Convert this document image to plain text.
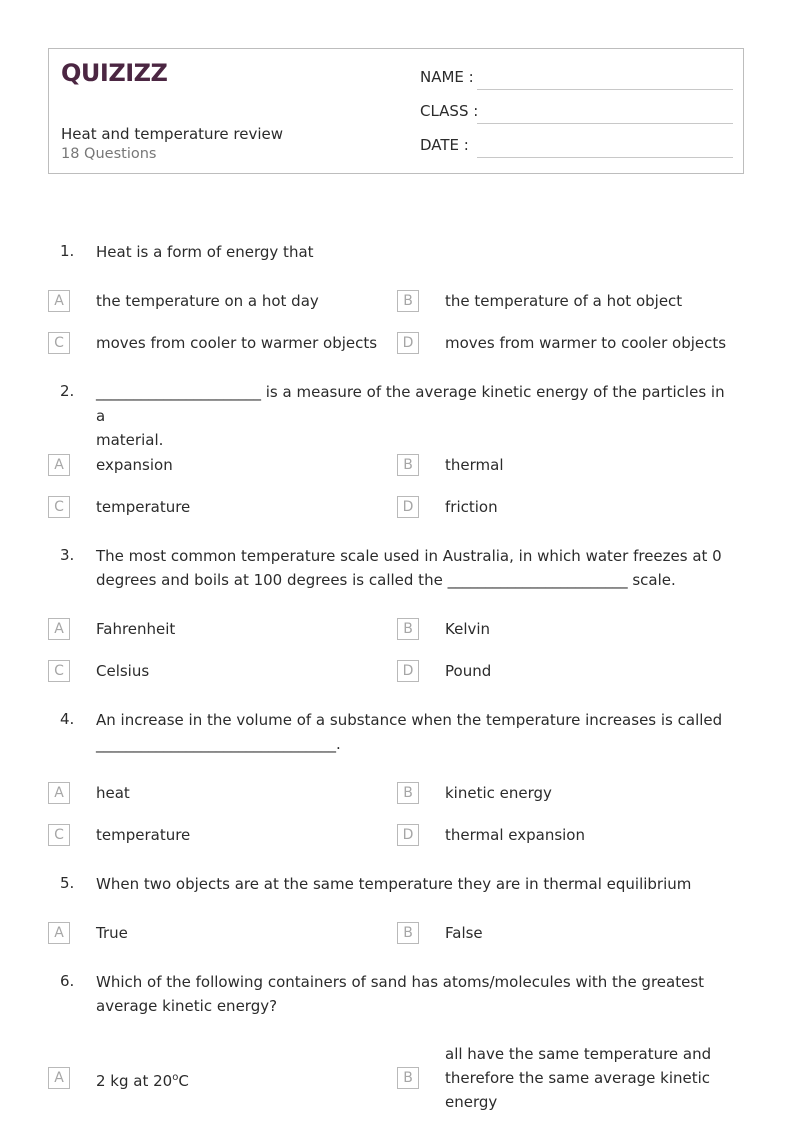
QUIZIZZ
Heat and temperature review
18 Questions
NAME :
CLASS :
DATE :
1. Heat is a form of energy that
A	the temperature on a hot day	B	the temperature of a hot object
C	moves from cooler to warmer objects	D	moves from warmer to cooler objects
2. ______________________ is a measure of the average kinetic energy of the particles in a
material.
A	expansion	B	thermal
C	temperature	D	friction
3. The most common temperature scale used in Australia, in which water freezes at 0
degrees and boils at 100 degrees is called the ________________________ scale.
A	Fahrenheit	B	Kelvin
C	Celsius	D	Pound
4. An increase in the volume of a substance when the temperature increases is called
________________________________.
A	heat	B	kinetic energy
C	temperature	D	thermal expansion
5. When two objects are at the same temperature they are in thermal equilibrium
A	True	B	False
6. Which of the following containers of sand has atoms/molecules with the greatest
average kinetic energy?
A	2 kg at 20$^o$C	B
all have the same temperature and
therefore the same average kinetic
energy
